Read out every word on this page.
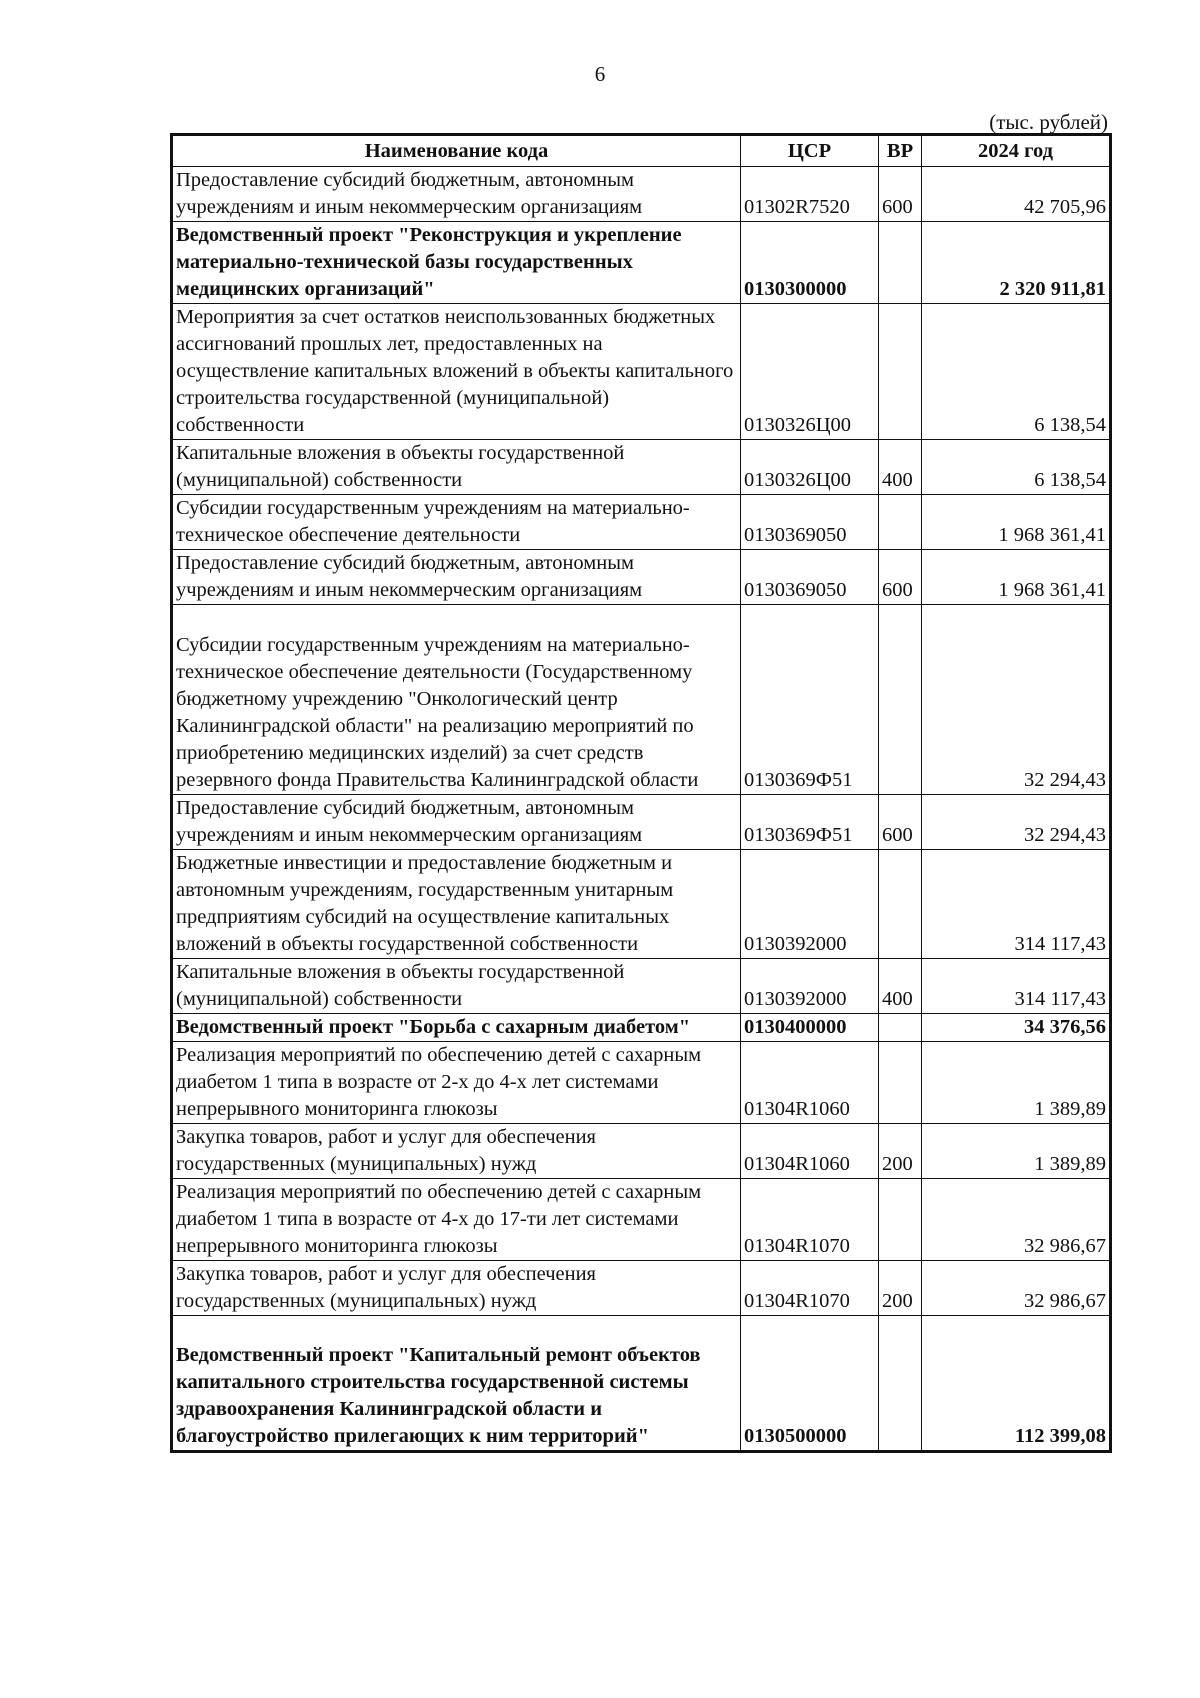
6
(тыс. рублей)
Наименование кода	ЦСР	ВР	2024 год
Предоставление субсидий бюджетным, автономным учреждениям и иным некоммерческим организациям	01302R7520	600	42 705,96
Ведомственный проект "Реконструкция и укрепление материально-технической базы государственных медицинских организаций"	0130300000		2 320 911,81
Мероприятия за счет остатков неиспользованных бюджетных ассигнований прошлых лет, предоставленных на осуществление капитальных вложений в объекты капитального строительства государственной (муниципальной) собственности	0130326Ц00		6 138,54
Капитальные вложения в объекты государственной (муниципальной) собственности	0130326Ц00	400	6 138,54
Субсидии государственным учреждениям на материально-техническое обеспечение деятельности	0130369050		1 968 361,41
Предоставление субсидий бюджетным, автономным учреждениям и иным некоммерческим организациям	0130369050	600	1 968 361,41
Субсидии государственным учреждениям на материально-техническое обеспечение деятельности (Государственному бюджетному учреждению "Онкологический центр Калининградской области" на реализацию мероприятий по приобретению медицинских изделий) за счет средств резервного фонда Правительства Калининградской области	0130369Ф51		32 294,43
Предоставление субсидий бюджетным, автономным учреждениям и иным некоммерческим организациям	0130369Ф51	600	32 294,43
Бюджетные инвестиции и предоставление бюджетным и автономным учреждениям, государственным унитарным предприятиям субсидий на осуществление капитальных вложений в объекты государственной собственности	0130392000		314 117,43
Капитальные вложения в объекты государственной (муниципальной) собственности	0130392000	400	314 117,43
Ведомственный проект "Борьба с сахарным диабетом"	0130400000		34 376,56
Реализация мероприятий по обеспечению детей с сахарным диабетом 1 типа в возрасте от 2-х до 4-х лет системами непрерывного мониторинга глюкозы	01304R1060		1 389,89
Закупка товаров, работ и услуг для обеспечения государственных (муниципальных) нужд	01304R1060	200	1 389,89
Реализация мероприятий по обеспечению детей с сахарным диабетом 1 типа в возрасте от 4-х до 17-ти лет системами непрерывного мониторинга глюкозы	01304R1070		32 986,67
Закупка товаров, работ и услуг для обеспечения государственных (муниципальных) нужд	01304R1070	200	32 986,67
Ведомственный проект "Капитальный ремонт объектов капитального строительства государственной системы здравоохранения Калининградской области и благоустройство прилегающих к ним территорий"	0130500000		112 399,08
